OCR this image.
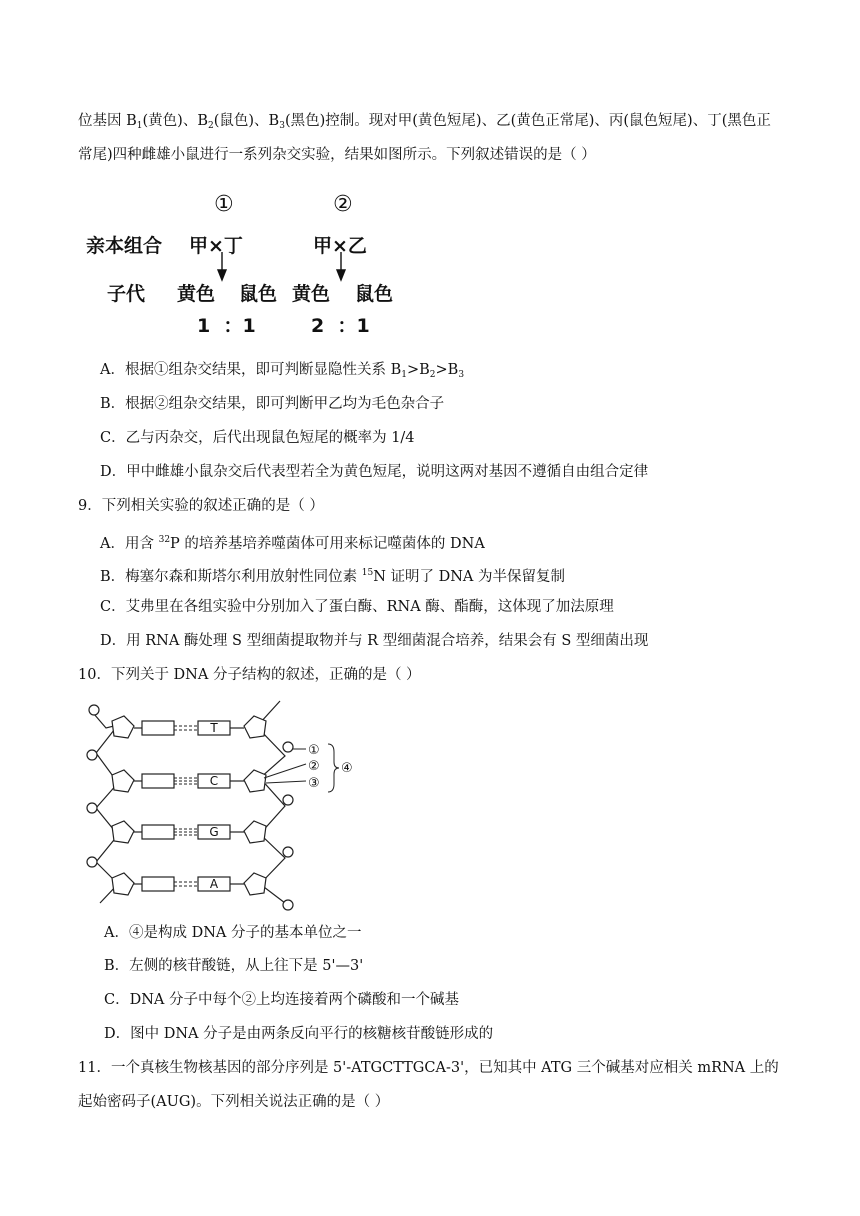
位基因 $B_1$(黄色)、$B_2$(鼠色)、$B_3$(黑色)控制。现对甲(黄色短尾)、乙(黄色正常尾)、丙(鼠色短尾)、丁(黑色正
常尾)四种雌雄小鼠进行一系列杂交实验，结果如图所示。下列叙述错误的是（ ）
①	②
亲本组合 甲×丁	甲×乙
子代 黄色 鼠色 黄色 鼠色
1  ：1	2  ：1
A．根据①组杂交结果，即可判断显隐性关系 $B_1>B_2>B_3$
B．根据②组杂交结果，即可判断甲乙均为毛色杂合子
C．乙与丙杂交，后代出现鼠色短尾的概率为 1/4
D．甲中雌雄小鼠杂交后代表型若全为黄色短尾，说明这两对基因不遵循自由组合定律
9．下列相关实验的叙述正确的是（ ）
A．用含 $^{32}$P 的培养基培养噬菌体可用来标记噬菌体的 DNA
B．梅塞尔森和斯塔尔利用放射性同位素 $^{15}$N 证明了 DNA 为半保留复制
C．艾弗里在各组实验中分别加入了蛋白酶、RNA 酶、酯酶，这体现了加法原理
D．用 RNA 酶处理 S 型细菌提取物并与 R 型细菌混合培养，结果会有 S 型细菌出现
10．下列关于 DNA 分子结构的叙述，正确的是（ ）
T
C
G
A
①
②
③
④
A．④是构成 DNA 分子的基本单位之一
B．左侧的核苷酸链，从上往下是 5'—3'
C．DNA 分子中每个②上均连接着两个磷酸和一个碱基
D．图中 DNA 分子是由两条反向平行的核糖核苷酸链形成的
11．一个真核生物核基因的部分序列是 5'-ATGCTTGCA-3'，已知其中 ATG 三个碱基对应相关 mRNA 上的
起始密码子(AUG)。下列相关说法正确的是（ ）
